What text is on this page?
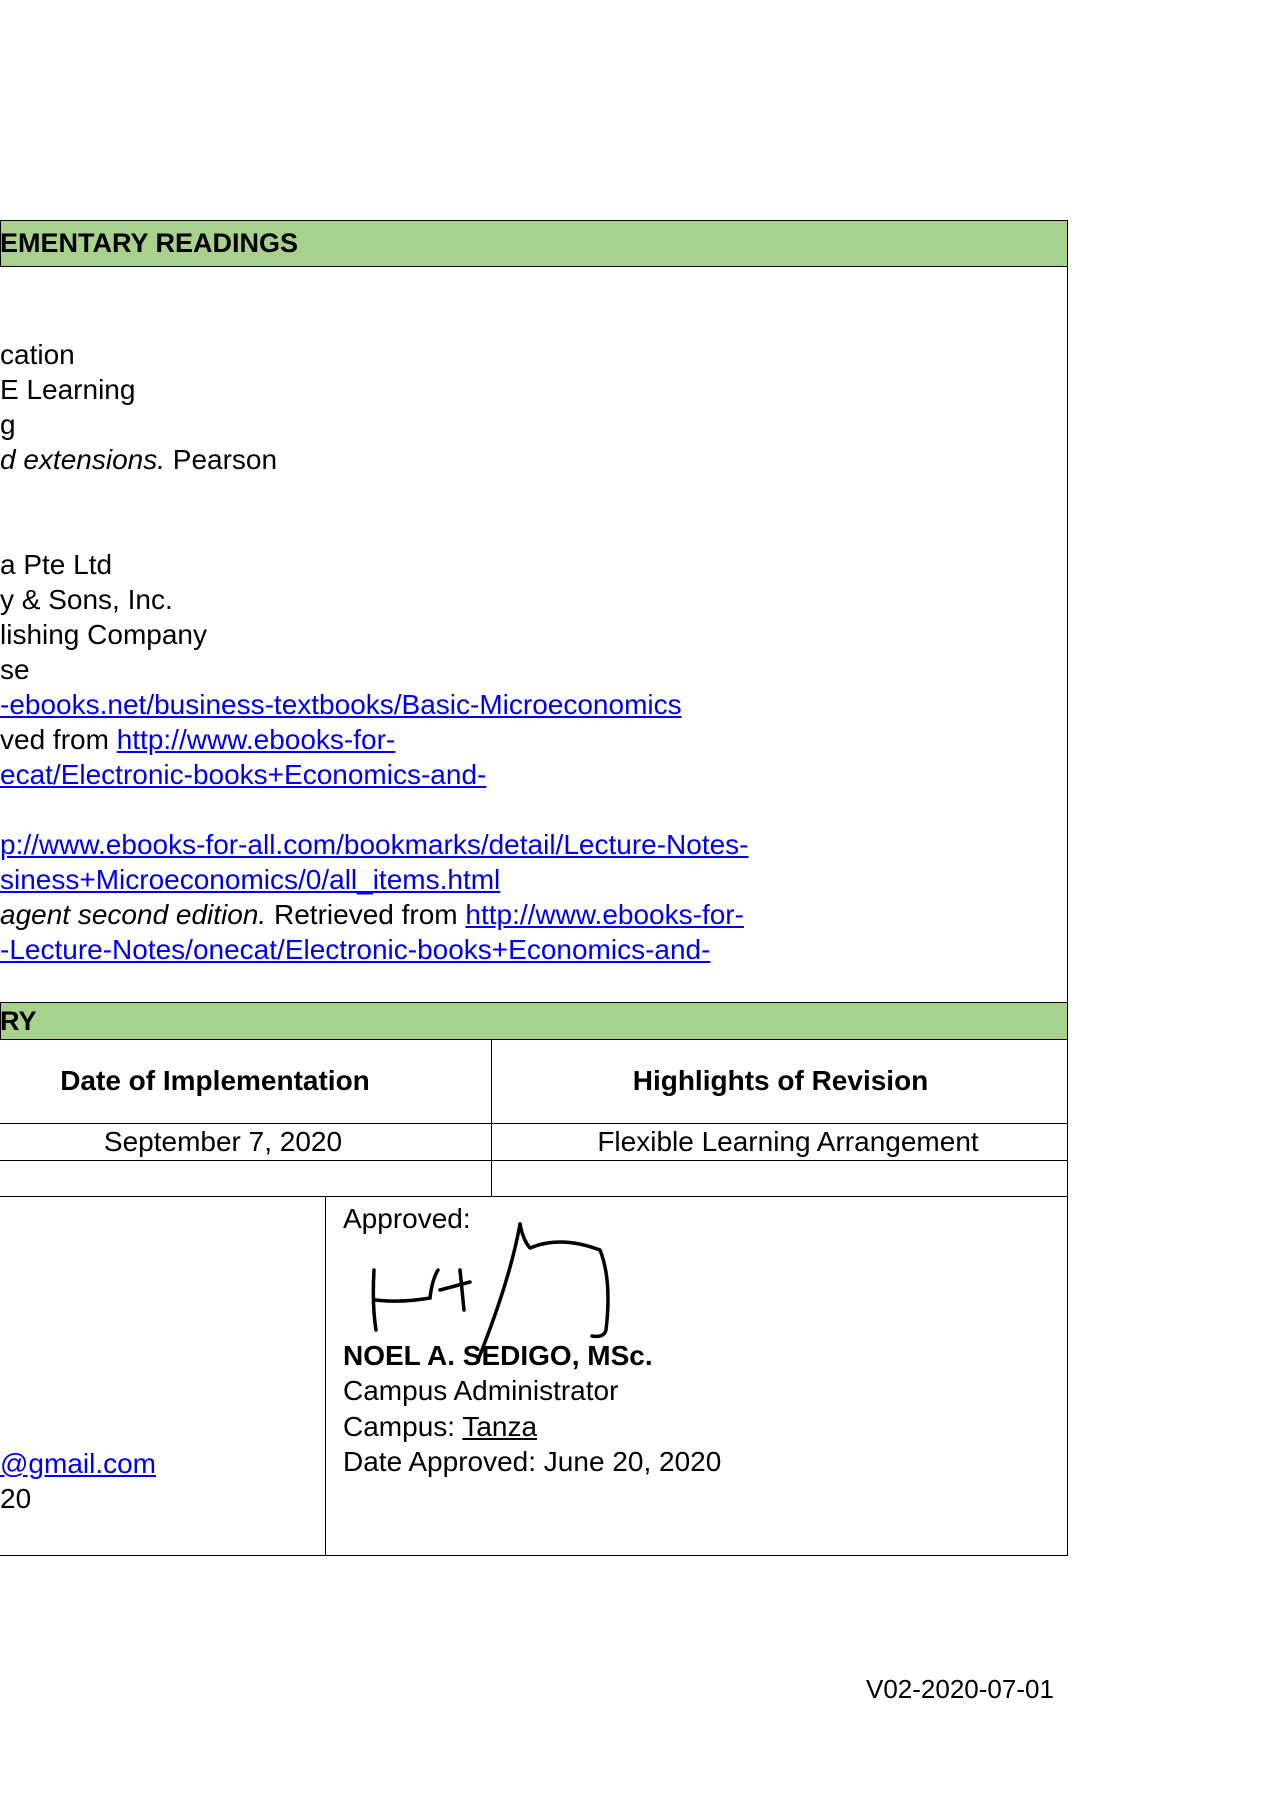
EMENTARY READINGS
cation
E Learning
g
d extensions. Pearson
a Pte Ltd
y & Sons, Inc.
lishing Company
se
-ebooks.net/business-textbooks/Basic-Microeconomics
ved from http://www.ebooks-for-
ecat/Electronic-books+Economics-and-
p://www.ebooks-for-all.com/bookmarks/detail/Lecture-Notes-
siness+Microeconomics/0/all_items.html
agent second edition. Retrieved from http://www.ebooks-for-
-Lecture-Notes/onecat/Electronic-books+Economics-and-
RY
Date of Implementation	Highlights of Revision
September 7, 2020	Flexible Learning Arrangement
@gmail.com
20
Approved:
NOEL A. SEDIGO, MSc.
Campus Administrator
Campus: Tanza
Date Approved: June 20, 2020
V02-2020-07-01
